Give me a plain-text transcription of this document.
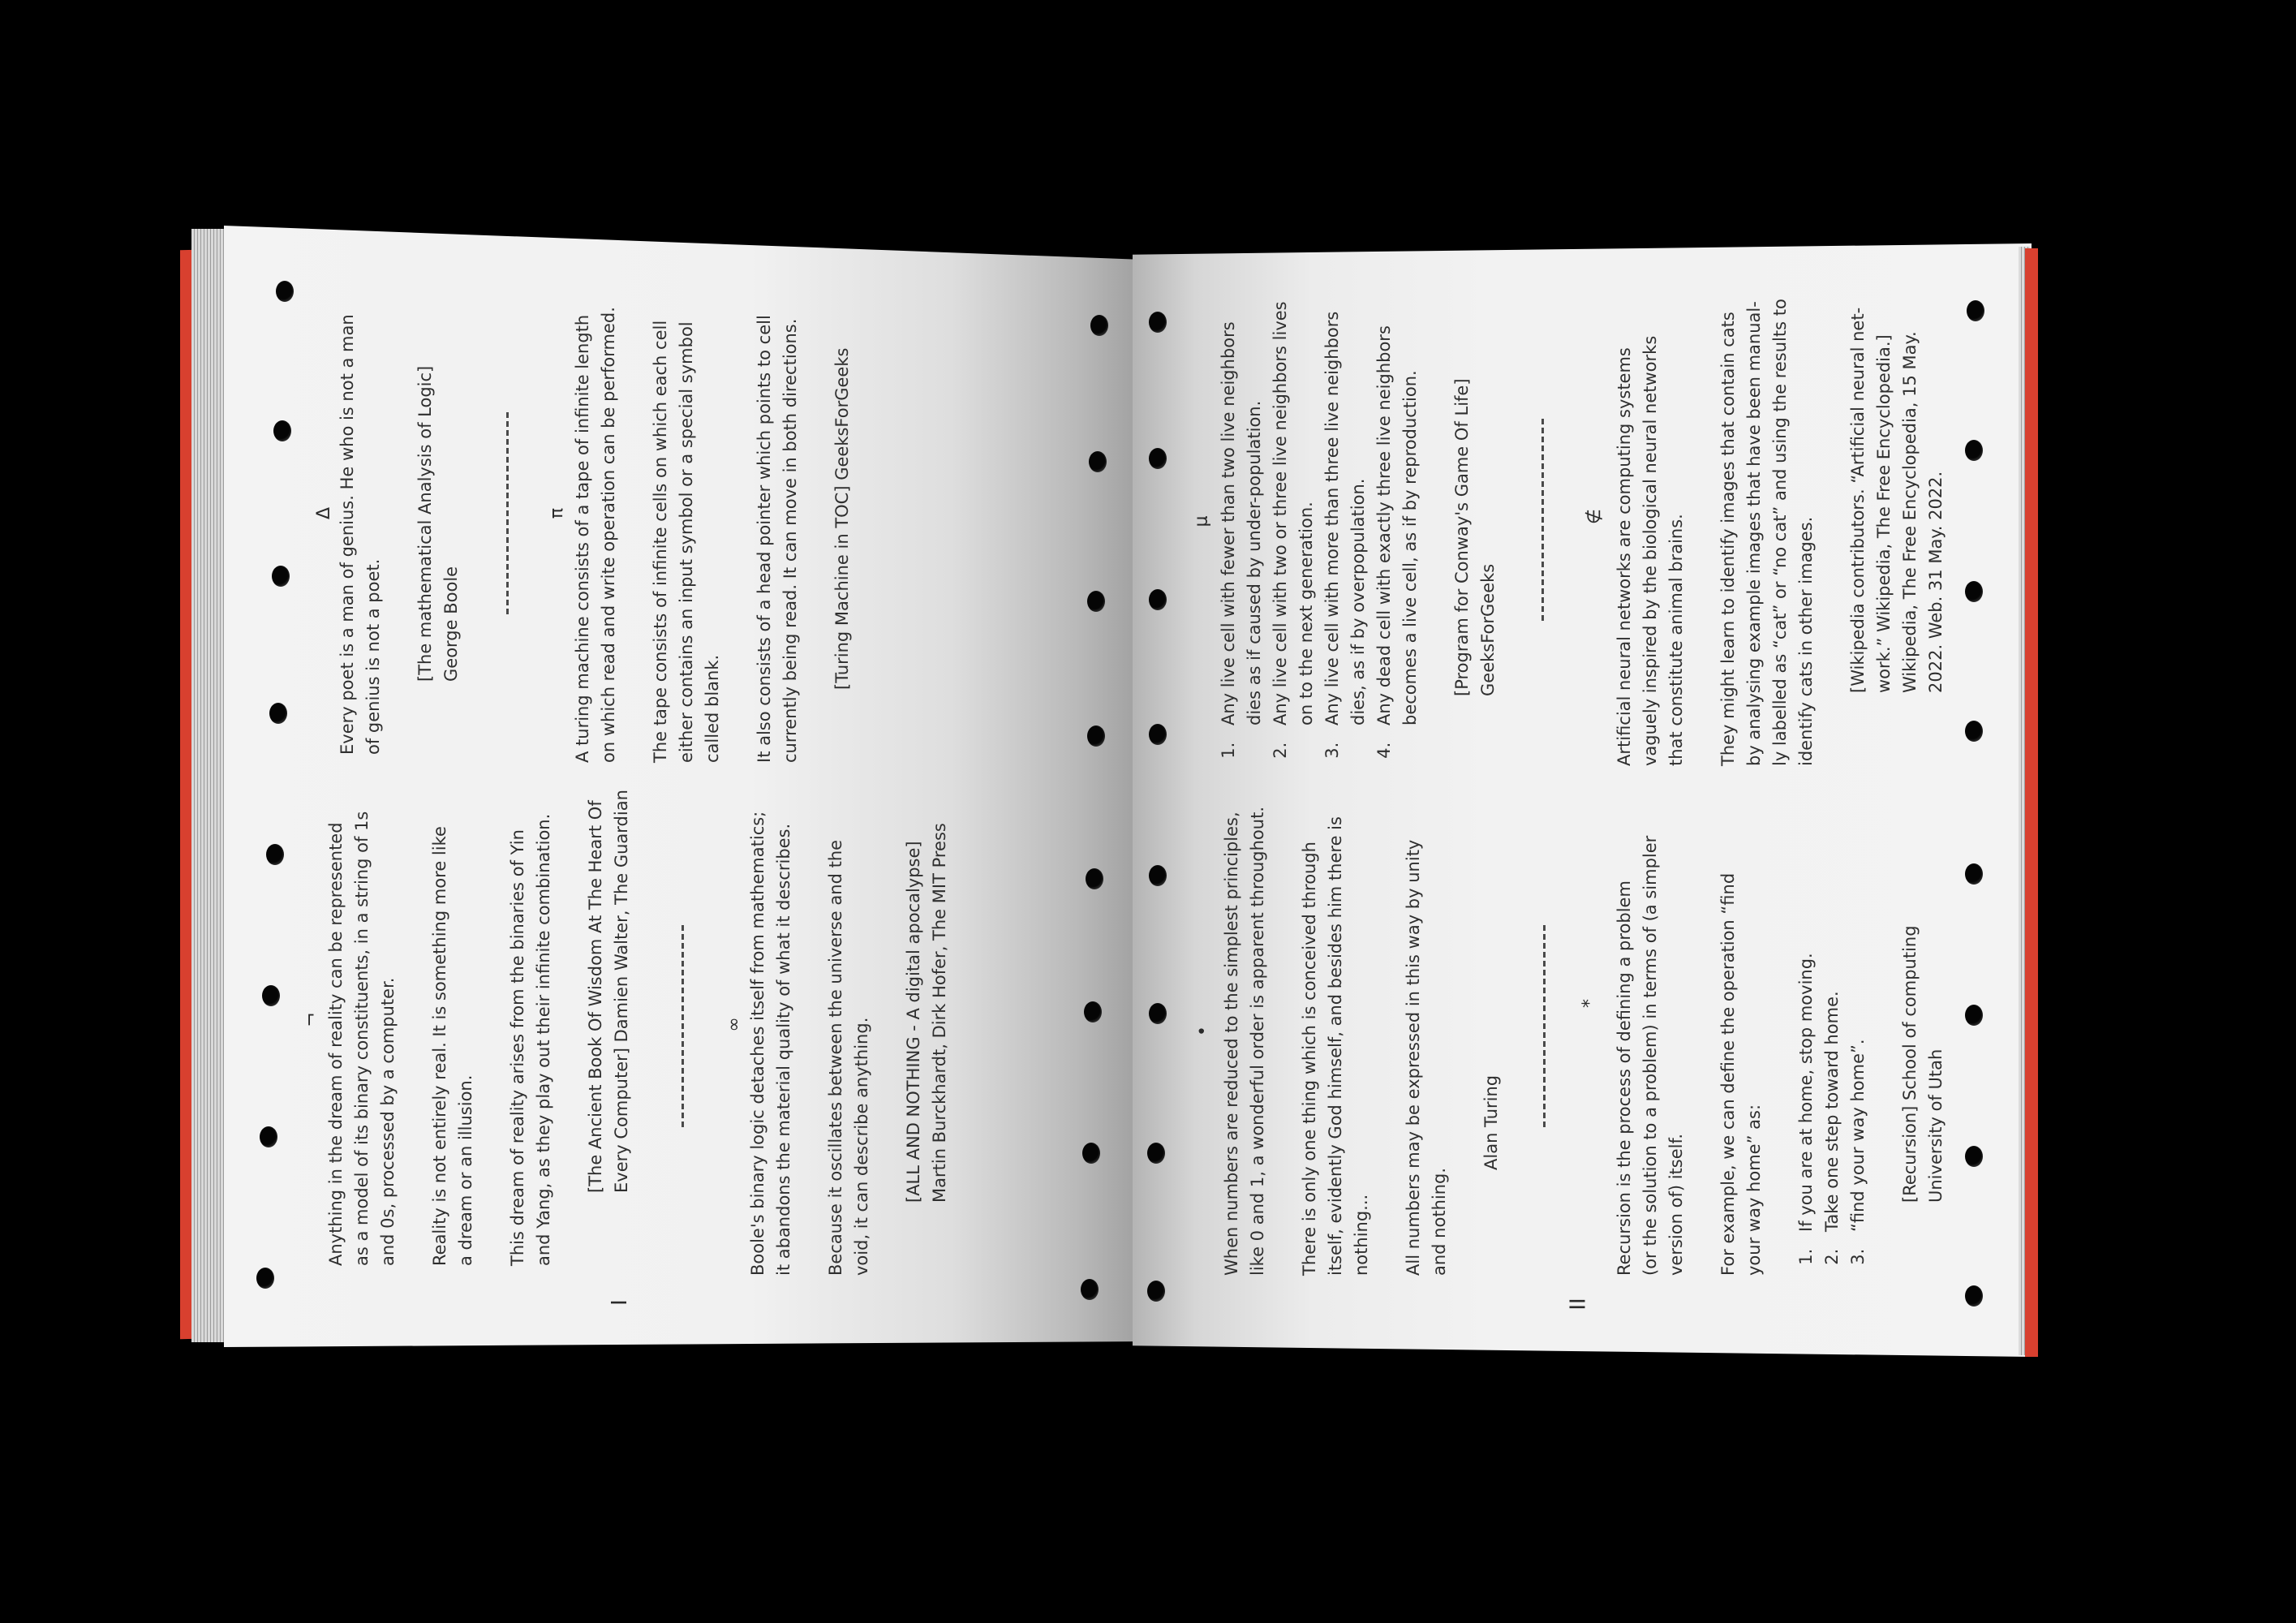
I
¬ Anything in the dream of reality can be represented as a model of its binary constituents, in a string of 1s and 0s, processed by a computer. Reality is not entirely real. It is something more like a dream or an illusion. This dream of reality arises from the binaries of Yin and Yang, as they play out their infinite combination. [The Ancient Book Of Wisdom At The Heart Of Every Computer] Damien Walter, The Guardian	∞ Boole's binary logic detaches itself from mathematics; it abandons the material quality of what it describes. Because it oscillates between the universe and the void, it can describe anything. [ALL AND NOTHING - A digital apocalypse] Martin Burckhardt, Dirk Hofer, The MIT Press

Δ Every poet is a man of genius. He who is not a man of genius is not a poet. [The mathematical Analysis of Logic] George Boole

π A turing machine consists of a tape of infinite length on which read and write operation can be performed. The tape consists of infinite cells on which each cell either contains an input symbol or a special symbol called blank. It also consists of a head pointer which points to cell currently being read. It can move in both directions. [Turing Machine in TOC] GeeksForGeeks

II
• When numbers are reduced to the simplest principles, like 0 and 1, a wonderful order is apparent throughout. There is only one thing which is conceived through itself, evidently God himself, and besides him there is nothing... All numbers may be expressed in this way by unity and nothing.

Alan Turing

* Recursion is the process of defining a problem (or the solution to a problem) in terms of (a simpler version of) itself. For example, we can define the operation “find your way home” as: 1. If you are at home, stop moving. 2. Take one step toward home. 3. “find your way home”. [Recursion] School of computing University of Utah

μ 1. Any live cell with fewer than two live neighbors dies as if caused by under-population. 2. Any live cell with two or three live neighbors lives on to the next generation. 3. Any live cell with more than three live neighbors dies, as if by overpopulation. 4. Any dead cell with exactly three live neighbors becomes a live cell, as if by reproduction. [Program for Conway's Game Of Life] GeeksForGeeks

∉ Artificial neural networks are computing systems vaguely inspired by the biological neural networks that constitute animal brains. They might learn to identify images that contain cats by analysing example images that have been manual- ly labelled as “cat” or “no cat” and using the results to identify cats in other images. [Wikipedia contributors. “Artificial neural net- work.” Wikipedia, The Free Encyclopedia.] Wikipedia, The Free Encyclopedia, 15 May. 2022. Web. 31 May. 2022.
